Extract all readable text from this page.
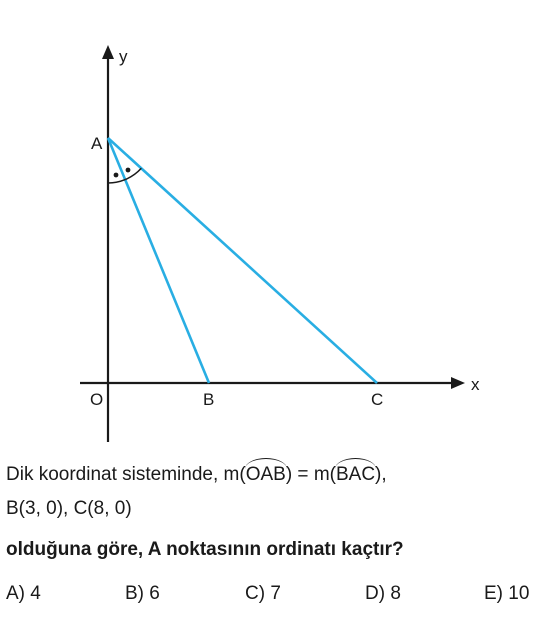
y
x
A
O	B	C
Dik koordinat sisteminde, m(OAB) = m(BAC),
B(3, 0), C(8, 0)
olduğuna göre, A noktasının ordinatı kaçtır?
A) 4	B) 6	C) 7	D) 8	E) 10
